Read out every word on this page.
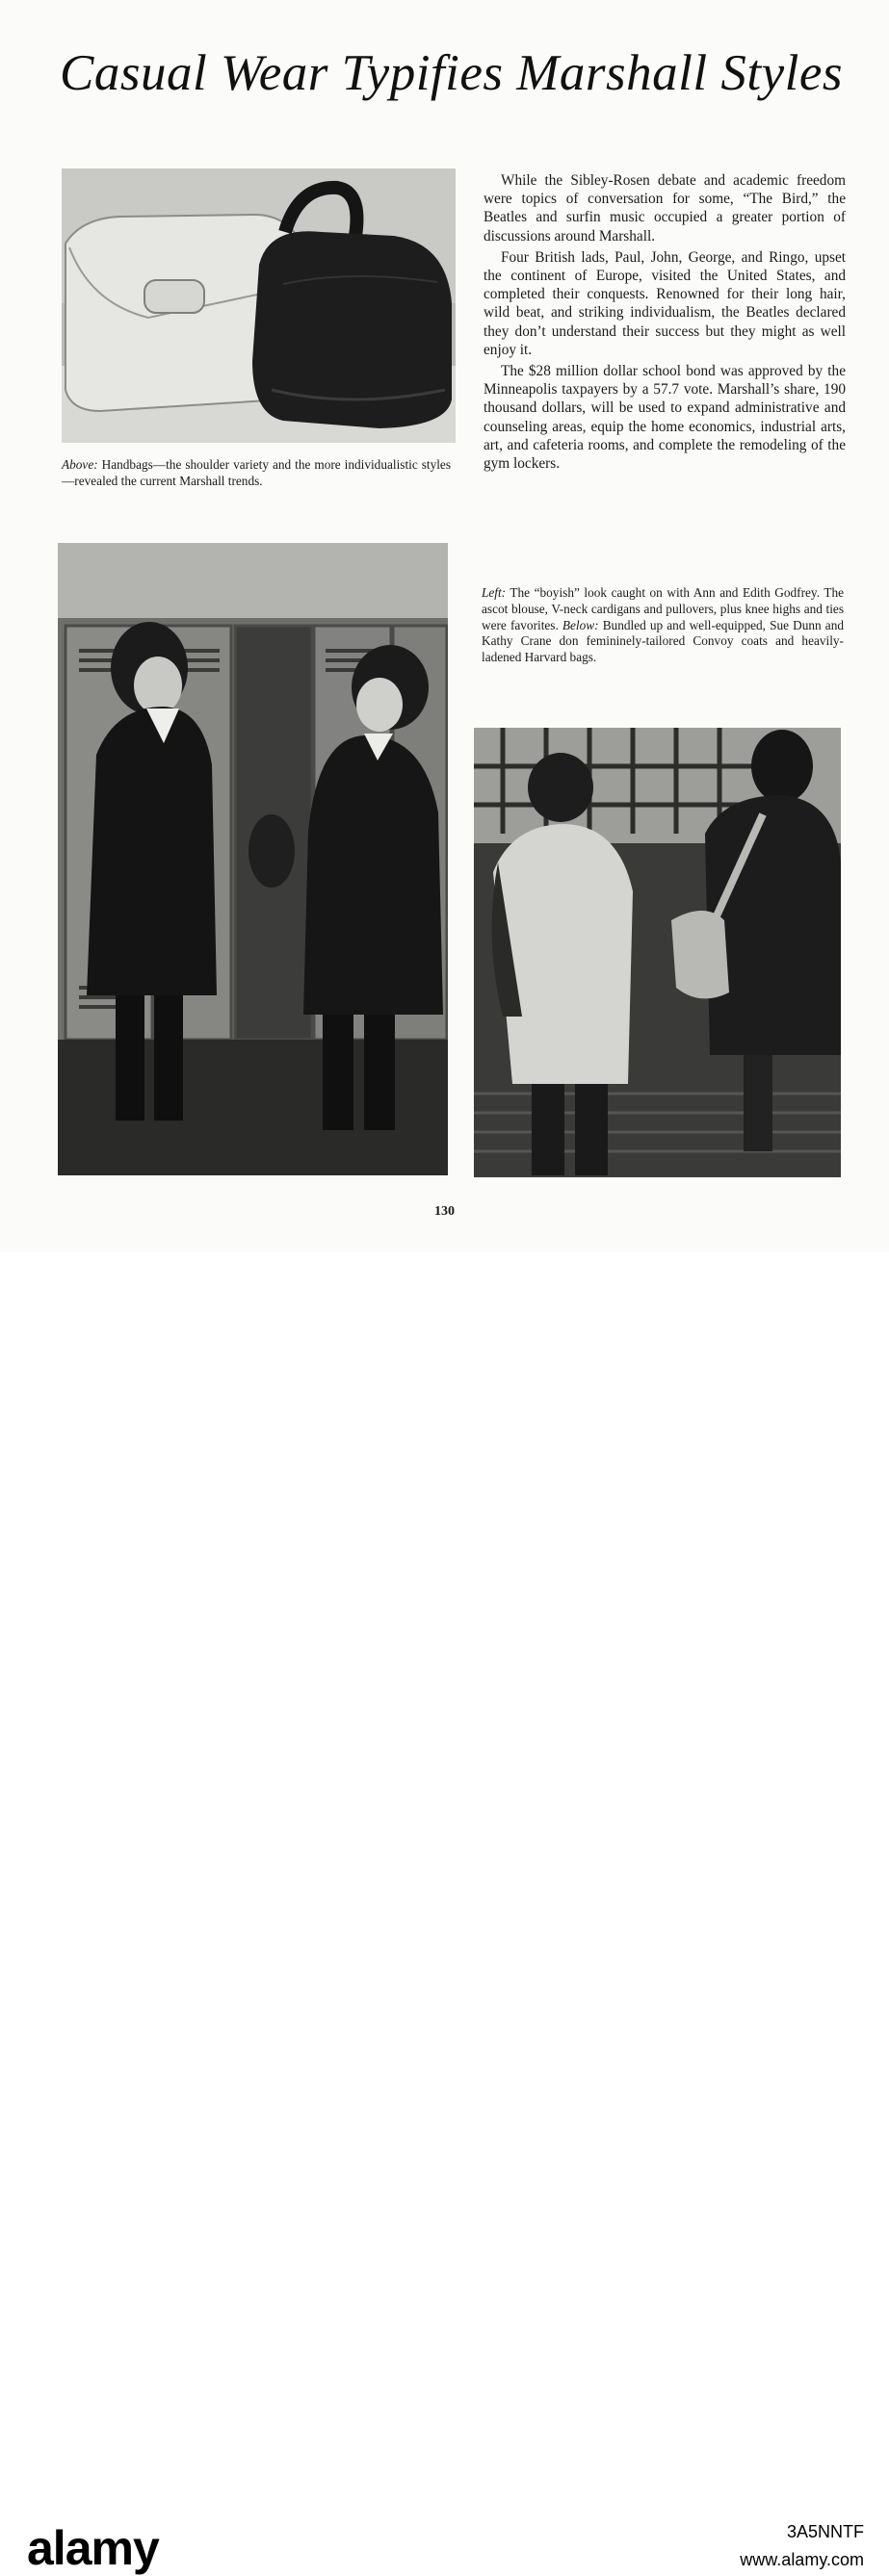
Casual Wear Typifies Marshall Styles

Above: Handbags—the shoulder variety and the more individualistic styles—revealed the current Marshall trends.

While the Sibley-Rosen debate and academic freedom were topics of conversation for some, “The Bird,” the Beatles and surfin music occupied a greater portion of discussions around Marshall.

Four British lads, Paul, John, George, and Ringo, upset the continent of Europe, visited the United States, and completed their conquests. Renowned for their long hair, wild beat, and striking individualism, the Beatles declared they don’t understand their success but they might as well enjoy it.

The $28 million dollar school bond was approved by the Minneapolis taxpayers by a 57.7 vote. Marshall’s share, 190 thousand dollars, will be used to expand administrative and counseling areas, equip the home economics, industrial arts, art, and cafeteria rooms, and complete the remodeling of the gym lockers.

Left: The “boyish” look caught on with Ann and Edith Godfrey. The ascot blouse, V-neck cardigans and pullovers, plus knee highs and ties were favorites. Below: Bundled up and well-equipped, Sue Dunn and Kathy Crane don femininely-tailored Convoy coats and heavily-ladened Harvard bags.

130

alamy	3A5NNTF

www.alamy.com
